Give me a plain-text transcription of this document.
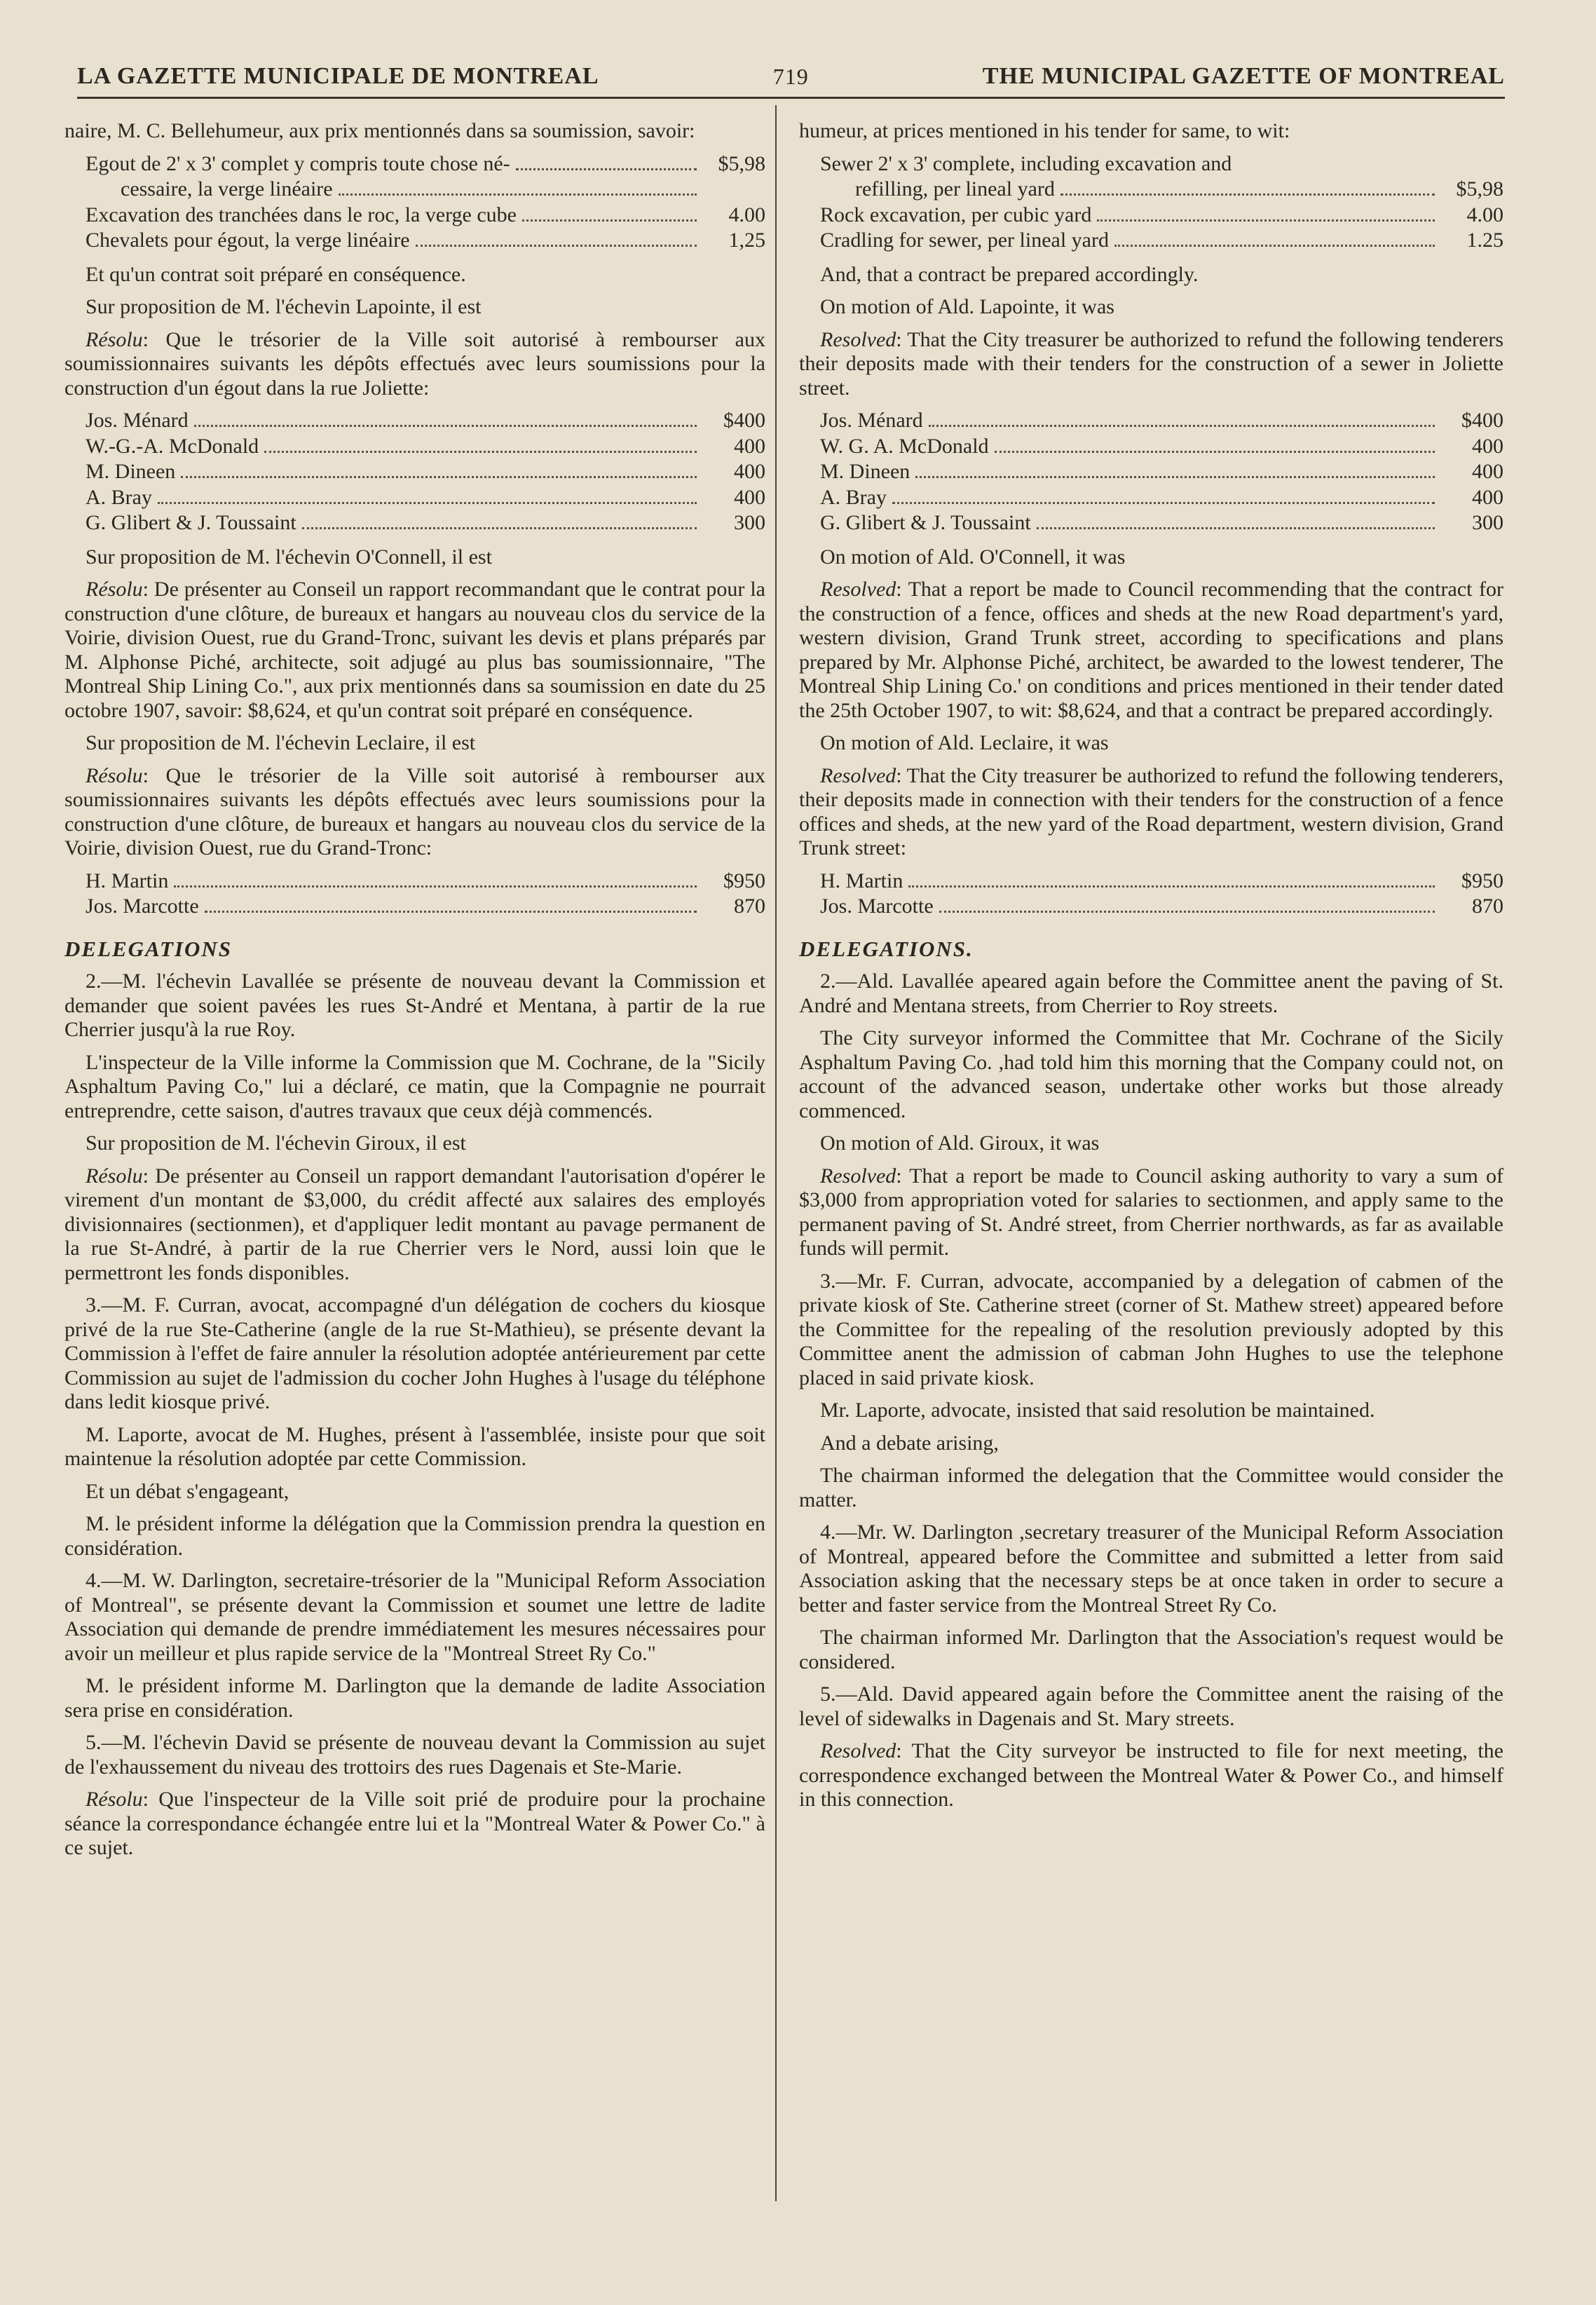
LA GAZETTE MUNICIPALE DE MONTREAL	719	THE MUNICIPAL GAZETTE OF MONTREAL

naire, M. C. Bellehumeur, aux prix mentionnés dans sa soumission, savoir:

Egout de 2' x 3' complet y compris toute chose né-	$5,98
cessaire, la verge linéaire
Excavation des tranchées dans le roc, la verge cube	4.00
Chevalets pour égout, la verge linéaire	1,25

Et qu'un contrat soit préparé en conséquence.

Sur proposition de M. l'échevin Lapointe, il est

Résolu: Que le trésorier de la Ville soit autorisé à rembourser aux soumissionnaires suivants les dépôts effectués avec leurs soumissions pour la construction d'un égout dans la rue Joliette:

Jos. Ménard	$400
W.-G.-A. McDonald	400
M. Dineen	400
A. Bray	400
G. Glibert & J. Toussaint	300

Sur proposition de M. l'échevin O'Connell, il est

Résolu: De présenter au Conseil un rapport recommandant que le contrat pour la construction d'une clôture, de bureaux et hangars au nouveau clos du service de la Voirie, division Ouest, rue du Grand-Tronc, suivant les devis et plans préparés par M. Alphonse Piché, architecte, soit adjugé au plus bas soumissionnaire, "The Montreal Ship Lining Co.", aux prix mentionnés dans sa soumission en date du 25 octobre 1907, savoir: $8,624, et qu'un contrat soit préparé en conséquence.

Sur proposition de M. l'échevin Leclaire, il est

Résolu: Que le trésorier de la Ville soit autorisé à rembourser aux soumissionnaires suivants les dépôts effectués avec leurs soumissions pour la construction d'une clôture, de bureaux et hangars au nouveau clos du service de la Voirie, division Ouest, rue du Grand-Tronc:

H. Martin	$950
Jos. Marcotte	870
DELEGATIONS

2.—M. l'échevin Lavallée se présente de nouveau devant la Commission et demander que soient pavées les rues St-André et Mentana, à partir de la rue Cherrier jusqu'à la rue Roy.

L'inspecteur de la Ville informe la Commission que M. Cochrane, de la "Sicily Asphaltum Paving Co," lui a déclaré, ce matin, que la Compagnie ne pourrait entreprendre, cette saison, d'autres travaux que ceux déjà commencés.

Sur proposition de M. l'échevin Giroux, il est

Résolu: De présenter au Conseil un rapport demandant l'autorisation d'opérer le virement d'un montant de $3,000, du crédit affecté aux salaires des employés divisionnaires (sectionmen), et d'appliquer ledit montant au pavage permanent de la rue St-André, à partir de la rue Cherrier vers le Nord, aussi loin que le permettront les fonds disponibles.

3.—M. F. Curran, avocat, accompagné d'un délégation de cochers du kiosque privé de la rue Ste-Catherine (angle de la rue St-Mathieu), se présente devant la Commission à l'effet de faire annuler la résolution adoptée antérieurement par cette Commission au sujet de l'admission du cocher John Hughes à l'usage du téléphone dans ledit kiosque privé.

M. Laporte, avocat de M. Hughes, présent à l'assemblée, insiste pour que soit maintenue la résolution adoptée par cette Commission.

Et un débat s'engageant,

M. le président informe la délégation que la Commission prendra la question en considération.

4.—M. W. Darlington, secretaire-trésorier de la "Municipal Reform Association of Montreal", se présente devant la Commission et soumet une lettre de ladite Association qui demande de prendre immédiatement les mesures nécessaires pour avoir un meilleur et plus rapide service de la "Montreal Street Ry Co."

M. le président informe M. Darlington que la demande de ladite Association sera prise en considération.

5.—M. l'échevin David se présente de nouveau devant la Commission au sujet de l'exhaussement du niveau des trottoirs des rues Dagenais et Ste-Marie.

Résolu: Que l'inspecteur de la Ville soit prié de produire pour la prochaine séance la correspondance échangée entre lui et la "Montreal Water & Power Co." à ce sujet.

humeur, at prices mentioned in his tender for same, to wit:

Sewer 2' x 3' complete, including excavation and
refilling, per lineal yard	$5,98
Rock excavation, per cubic yard	4.00
Cradling for sewer, per lineal yard	1.25

And, that a contract be prepared accordingly.

On motion of Ald. Lapointe, it was

Resolved: That the City treasurer be authorized to refund the following tenderers their deposits made with their tenders for the construction of a sewer in Joliette street.

Jos. Ménard	$400
W. G. A. McDonald	400
M. Dineen	400
A. Bray	400
G. Glibert & J. Toussaint	300

On motion of Ald. O'Connell, it was

Resolved: That a report be made to Council recommending that the contract for the construction of a fence, offices and sheds at the new Road department's yard, western division, Grand Trunk street, according to specifications and plans prepared by Mr. Alphonse Piché, architect, be awarded to the lowest tenderer, The Montreal Ship Lining Co.' on conditions and prices mentioned in their tender dated the 25th October 1907, to wit: $8,624, and that a contract be prepared accordingly.

On motion of Ald. Leclaire, it was

Resolved: That the City treasurer be authorized to refund the following tenderers, their deposits made in connection with their tenders for the construction of a fence offices and sheds, at the new yard of the Road department, western division, Grand Trunk street:

H. Martin	$950
Jos. Marcotte	870
DELEGATIONS.

2.—Ald. Lavallée apeared again before the Committee anent the paving of St. André and Mentana streets, from Cherrier to Roy streets.

The City surveyor informed the Committee that Mr. Cochrane of the Sicily Asphaltum Paving Co. ,had told him this morning that the Company could not, on account of the advanced season, undertake other works but those already commenced.

On motion of Ald. Giroux, it was

Resolved: That a report be made to Council asking authority to vary a sum of $3,000 from appropriation voted for salaries to sectionmen, and apply same to the permanent paving of St. André street, from Cherrier northwards, as far as available funds will permit.

3.—Mr. F. Curran, advocate, accompanied by a delegation of cabmen of the private kiosk of Ste. Catherine street (corner of St. Mathew street) appeared before the Committee for the repealing of the resolution previously adopted by this Committee anent the admission of cabman John Hughes to use the telephone placed in said private kiosk.

Mr. Laporte, advocate, insisted that said resolution be maintained.

And a debate arising,

The chairman informed the delegation that the Committee would consider the matter.

4.—Mr. W. Darlington ,secretary treasurer of the Municipal Reform Association of Montreal, appeared before the Committee and submitted a letter from said Association asking that the necessary steps be at once taken in order to secure a better and faster service from the Montreal Street Ry Co.

The chairman informed Mr. Darlington that the Association's request would be considered.

5.—Ald. David appeared again before the Committee anent the raising of the level of sidewalks in Dagenais and St. Mary streets.

Resolved: That the City surveyor be instructed to file for next meeting, the correspondence exchanged between the Montreal Water & Power Co., and himself in this connection.
